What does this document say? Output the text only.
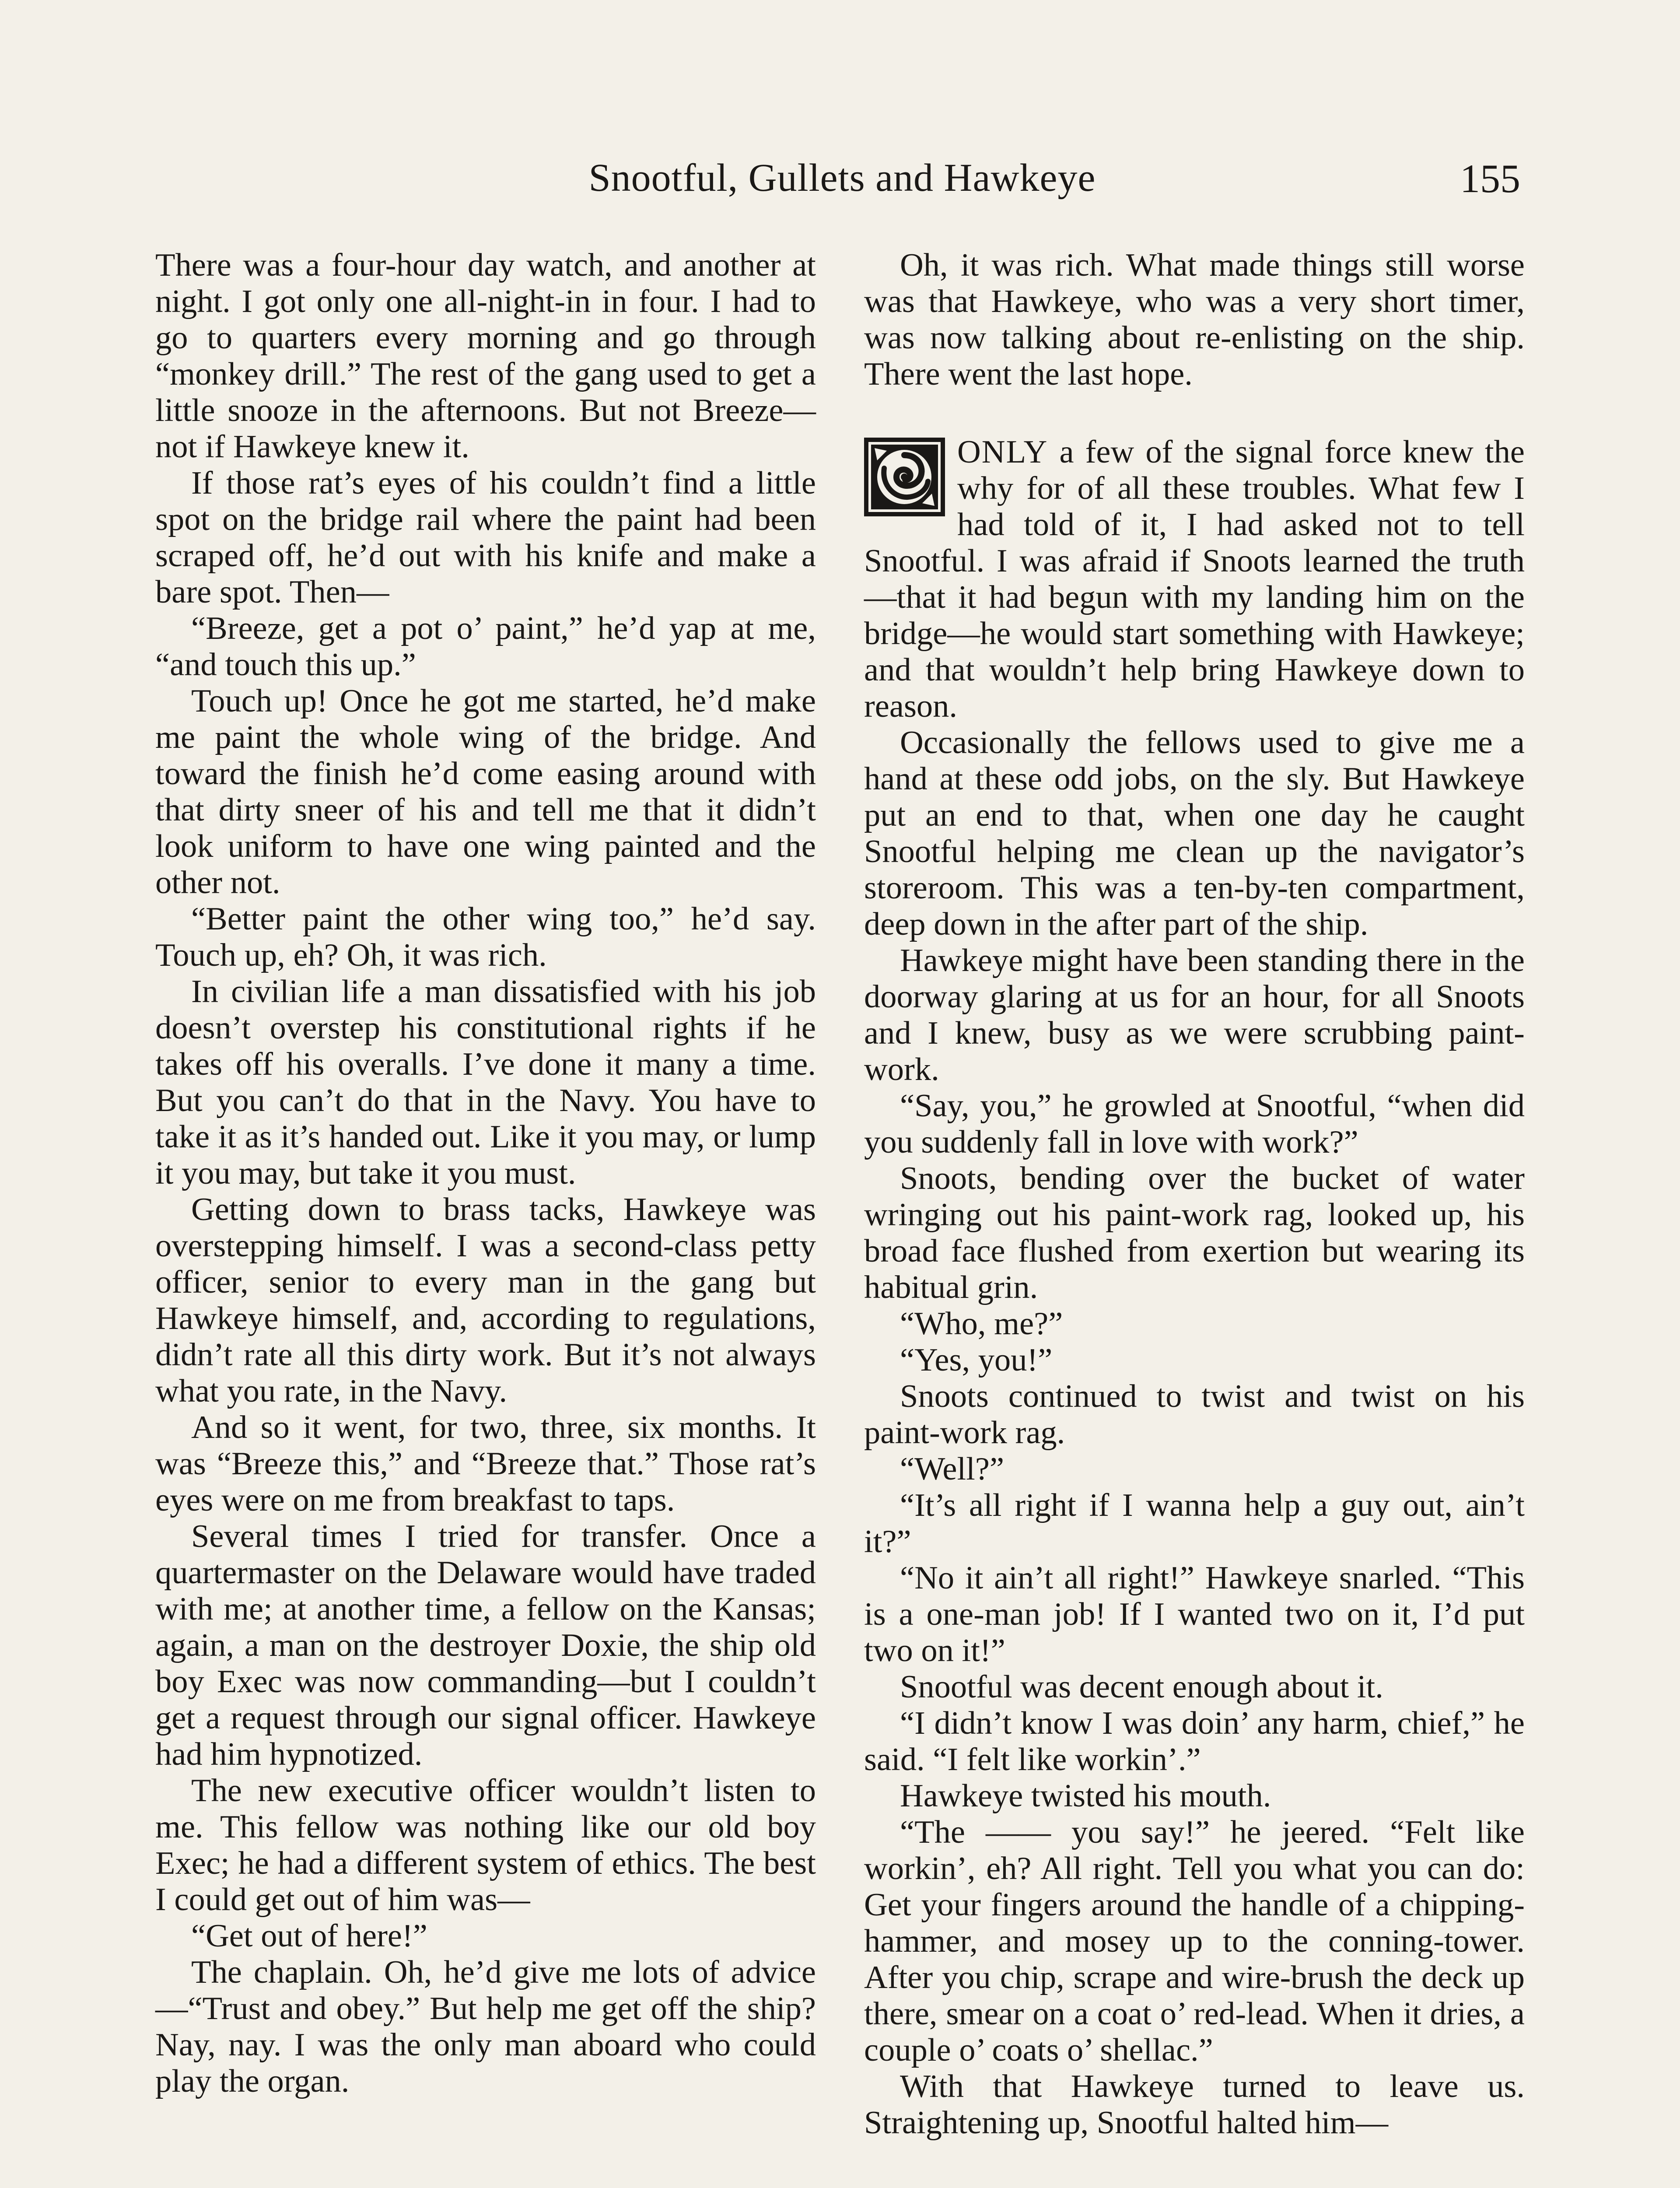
Snootful, Gullets and Hawkeye	155

There was a four-hour day watch, and another at night. I got only one all-night-in in four. I had to go to quarters every morning and go through “monkey drill.” The rest of the gang used to get a little snooze in the afternoons. But not Breeze—not if Hawkeye knew it.

If those rat’s eyes of his couldn’t find a little spot on the bridge rail where the paint had been scraped off, he’d out with his knife and make a bare spot. Then—

“Breeze, get a pot o’ paint,” he’d yap at me, “and touch this up.”

Touch up! Once he got me started, he’d make me paint the whole wing of the bridge. And toward the finish he’d come easing around with that dirty sneer of his and tell me that it didn’t look uniform to have one wing painted and the other not.

“Better paint the other wing too,” he’d say. Touch up, eh? Oh, it was rich.

In civilian life a man dissatisfied with his job doesn’t overstep his constitutional rights if he takes off his overalls. I’ve done it many a time. But you can’t do that in the Navy. You have to take it as it’s handed out. Like it you may, or lump it you may, but take it you must.

Getting down to brass tacks, Hawkeye was overstepping himself. I was a second-class petty officer, senior to every man in the gang but Hawkeye himself, and, according to regulations, didn’t rate all this dirty work. But it’s not always what you rate, in the Navy.

And so it went, for two, three, six months. It was “Breeze this,” and “Breeze that.” Those rat’s eyes were on me from breakfast to taps.

Several times I tried for transfer. Once a quartermaster on the Delaware would have traded with me; at another time, a fellow on the Kansas; again, a man on the destroyer Doxie, the ship old boy Exec was now commanding—but I couldn’t get a request through our signal officer. Hawkeye had him hypnotized.

The new executive officer wouldn’t listen to me. This fellow was nothing like our old boy Exec; he had a different system of ethics. The best I could get out of him was—

“Get out of here!”

The chaplain. Oh, he’d give me lots of advice—“Trust and obey.” But help me get off the ship? Nay, nay. I was the only man aboard who could play the organ.

Oh, it was rich. What made things still worse was that Hawkeye, who was a very short timer, was now talking about re-enlisting on the ship. There went the last hope.

ONLY a few of the signal force knew the why for of all these troubles. What few I had told of it, I had asked not to tell Snootful. I was afraid if Snoots learned the truth—that it had begun with my landing him on the bridge—he would start something with Hawkeye; and that wouldn’t help bring Hawkeye down to reason.

Occasionally the fellows used to give me a hand at these odd jobs, on the sly. But Hawkeye put an end to that, when one day he caught Snootful helping me clean up the navigator’s storeroom. This was a ten-by-ten compartment, deep down in the after part of the ship.

Hawkeye might have been standing there in the doorway glaring at us for an hour, for all Snoots and I knew, busy as we were scrubbing paint-work.

“Say, you,” he growled at Snootful, “when did you suddenly fall in love with work?”

Snoots, bending over the bucket of water wringing out his paint-work rag, looked up, his broad face flushed from exertion but wearing its habitual grin.

“Who, me?”

“Yes, you!”

Snoots continued to twist and twist on his paint-work rag.

“Well?”

“It’s all right if I wanna help a guy out, ain’t it?”

“No it ain’t all right!” Hawkeye snarled. “This is a one-man job! If I wanted two on it, I’d put two on it!”

Snootful was decent enough about it.

“I didn’t know I was doin’ any harm, chief,” he said. “I felt like workin’.”

Hawkeye twisted his mouth.

“The —— you say!” he jeered. “Felt like workin’, eh? All right. Tell you what you can do: Get your fingers around the handle of a chipping-hammer, and mosey up to the conning-tower. After you chip, scrape and wire-brush the deck up there, smear on a coat o’ red-lead. When it dries, a couple o’ coats o’ shellac.”

With that Hawkeye turned to leave us. Straightening up, Snootful halted him—
